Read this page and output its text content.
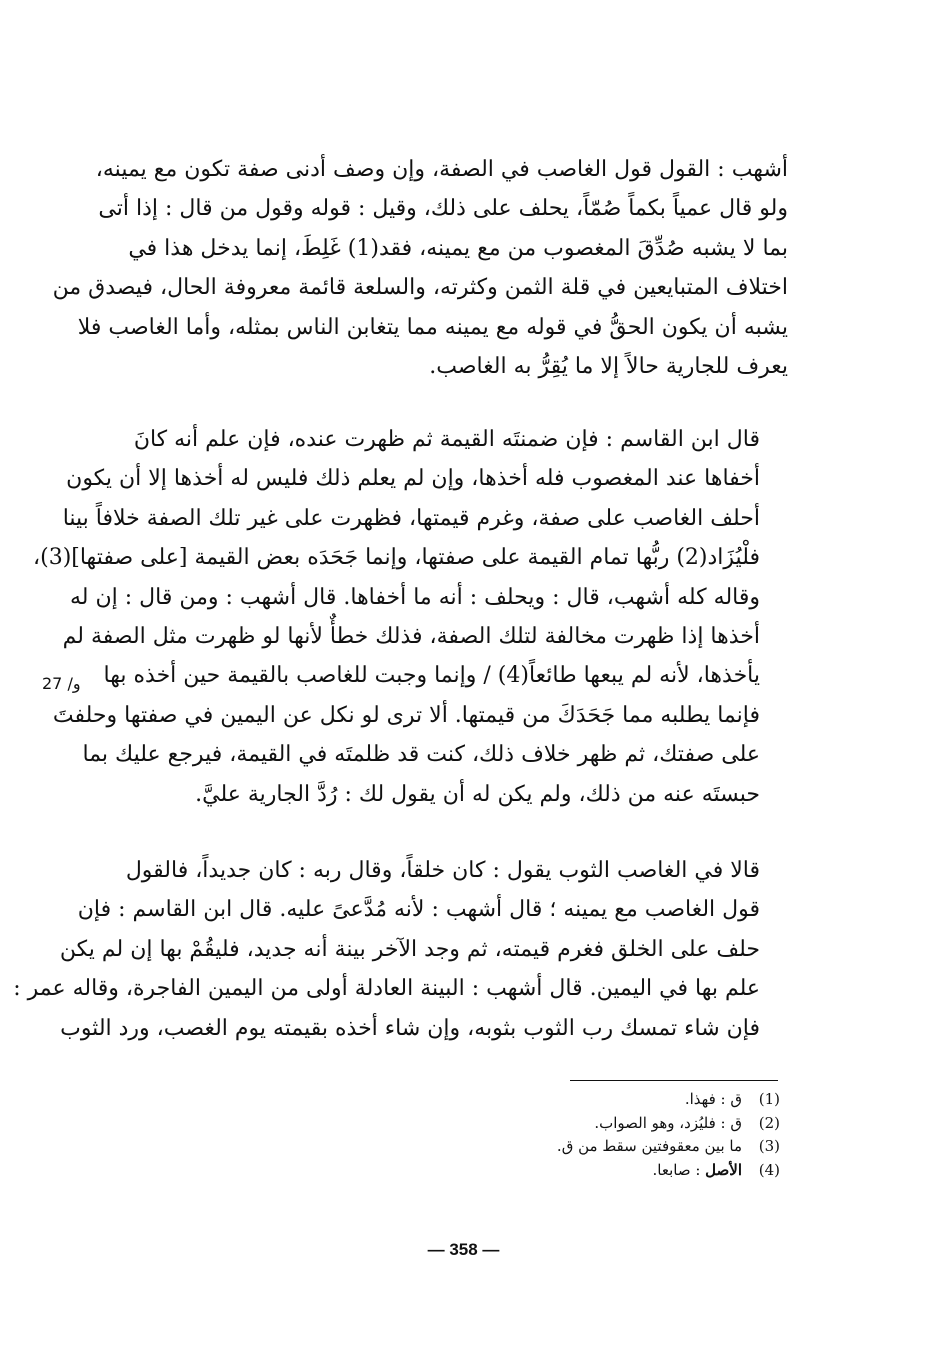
أشهب : القول قول الغاصب في الصفة، وإن وصف أدنى صفة تكون مع يمينه،
ولو قال عمياً بكماً صُمّاً، يحلف على ذلك، وقيل : قوله وقول من قال : إذا أتى
بما لا يشبه صُدِّقَ المغصوب من مع يمينه، فقد(1) غَلِطَ، إنما يدخل هذا في
اختلاف المتبايعين في قلة الثمن وكثرته، والسلعة قائمة معروفة الحال، فيصدق من
يشبه أن يكون الحقُّ في قوله مع يمينه مما يتغابن الناس بمثله، وأما الغاصب فلا
يعرف للجارية حالاً إلا ما يُقِرُّ به الغاصب.
قال ابن القاسم : فإن ضمنتَه القيمة ثم ظهرت عنده، فإن علم أنه كانَ
أخفاها عند المغصوب فله أخذها، وإن لم يعلم ذلك فليس له أخذها إلا أن يكون
أحلف الغاصب على صفة، وغرم قيمتها، فظهرت على غير تلك الصفة خلافاً بينا
فلْيُزَاد(2) ربُّها تمام القيمة على صفتها، وإنما جَحَدَه بعض القيمة [على صفتها](3)،
وقاله كله أشهب، قال : ويحلف : أنه ما أخفاها. قال أشهب : ومن قال : إن له
أخذها إذا ظهرت مخالفة لتلك الصفة، فذلك خطأٌ لأنها لو ظهرت مثل الصفة لم
يأخذها، لأنه لم يبعها طائعاً(4) / وإنما وجبت للغاصب بالقيمة حين أخذه بها
فإنما يطلبه مما جَحَدَكَ من قيمتها. ألا ترى لو نكل عن اليمين في صفتها وحلفتَ
على صفتك، ثم ظهر خلاف ذلك، كنت قد ظلمتَه في القيمة، فيرجع عليك بما
حبستَه عنه من ذلك، ولم يكن له أن يقول لك : رُدَّ الجارية عليَّ.
27 /و
قالا في الغاصب الثوب يقول : كان خلقاً، وقال ربه : كان جديداً، فالقول
قول الغاصب مع يمينه ؛ قال أشهب : لأنه مُدَّعىً عليه. قال ابن القاسم : فإن
حلف على الخلق فغرم قيمته، ثم وجد الآخر بينة أنه جديد، فليقُمْ بها إن لم يكن
علم بها في اليمين. قال أشهب : البينة العادلة أولى من اليمين الفاجرة، وقاله عمر :
فإن شاء تمسك رب الثوب بثوبه، وإن شاء أخذه بقيمته يوم الغصب، ورد الثوب
(1)
ق : فهذا.
(2)
ق : فليُزد، وهو الصواب.
(3)
ما بين معقوفتين سقط من ق.
(4)
الأصل : صابعا.
— 358 —
